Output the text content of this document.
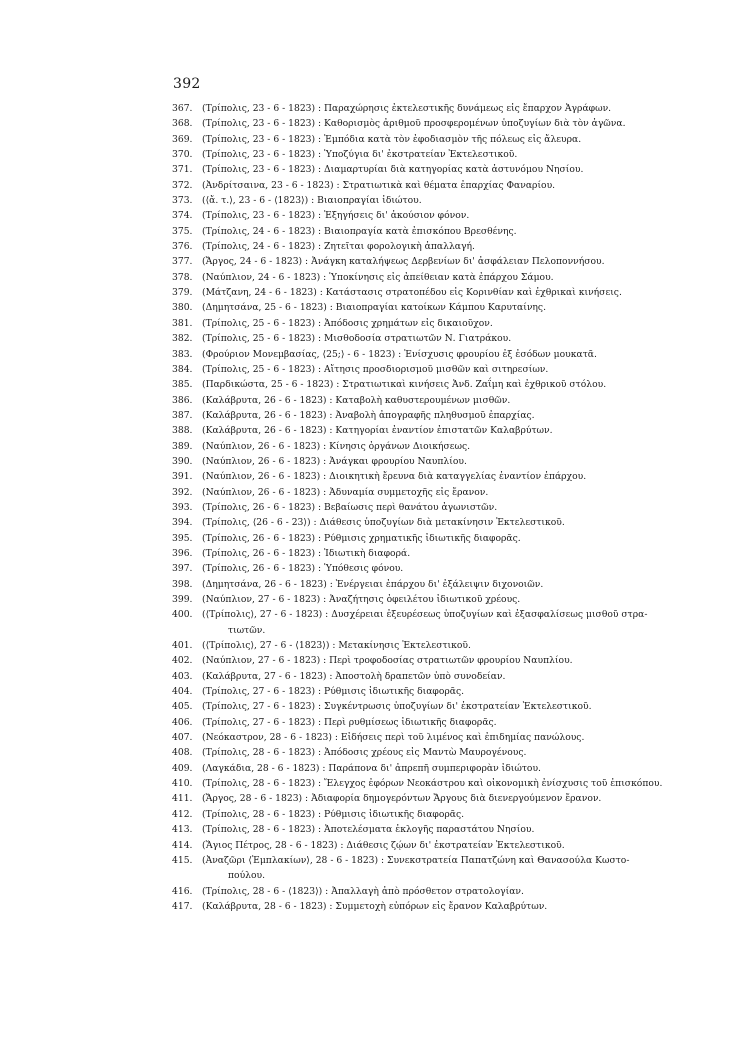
392
367.	(Τρίπολις, 23 - 6 - 1823) : Παραχώρησις ἐκτελεστικῆς δυνάμεως εἰς ἔπαρχον Ἀγράφων.
368.	(Τρίπολις, 23 - 6 - 1823) : Καθορισμὸς ἀριθμοῦ προσφερομένων ὑποζυγίων διὰ τὸν ἀγῶνα.
369.	(Τρίπολις, 23 - 6 - 1823) : Ἐμπόδια κατὰ τὸν ἐφοδιασμὸν τῆς πόλεως εἰς ἄλευρα.
370.	(Τρίπολις, 23 - 6 - 1823) : Ὑποζύγια δι' ἐκστρατείαν Ἐκτελεστικοῦ.
371.	(Τρίπολις, 23 - 6 - 1823) : Διαμαρτυρίαι διὰ κατηγορίας κατὰ ἀστυνόμου Νησίου.
372.	(Ἀνδρίτσαινα, 23 - 6 - 1823) : Στρατιωτικὰ καὶ θέματα ἐπαρχίας Φαναρίου.
373.	(⟨ἄ. τ.⟩, 23 - 6 - ⟨1823⟩) : Βιαιοπραγίαι ἰδιώτου.
374.	(Τρίπολις, 23 - 6 - 1823) : Ἐξηγήσεις δι' ἀκούσιον φόνον.
375.	(Τρίπολις, 24 - 6 - 1823) : Βιαιοπραγία κατὰ ἐπισκόπου Βρεσθένης.
376.	(Τρίπολις, 24 - 6 - 1823) : Ζητεῖται φορολογικὴ ἀπαλλαγή.
377.	(Ἄργος, 24 - 6 - 1823) : Ἀνάγκη καταλήψεως Δερβενίων δι' ἀσφάλειαν Πελοποννήσου.
378.	(Ναύπλιον, 24 - 6 - 1823) : Ὑποκίνησις εἰς ἀπείθειαν κατὰ ἐπάρχου Σάμου.
379.	(Μάτζανη, 24 - 6 - 1823) : Κατάστασις στρατοπέδου εἰς Κορινθίαν καὶ ἐχθρικαὶ κινήσεις.
380.	(Δημητσάνα, 25 - 6 - 1823) : Βιαιοπραγίαι κατοίκων Κάμπου Καρυταίνης.
381.	(Τρίπολις, 25 - 6 - 1823) : Ἀπόδοσις χρημάτων εἰς δικαιοῦχον.
382.	(Τρίπολις, 25 - 6 - 1823) : Μισθοδοσία στρατιωτῶν Ν. Γιατράκου.
383.	(Φρούριον Μονεμβασίας, ⟨25;⟩ - 6 - 1823) : Ἐνίσχυσις φρουρίου ἐξ ἐσόδων μουκατᾶ.
384.	(Τρίπολις, 25 - 6 - 1823) : Αἴτησις προσδιορισμοῦ μισθῶν καὶ σιτηρεσίων.
385.	(Παρδικώστα, 25 - 6 - 1823) : Στρατιωτικαὶ κινήσεις Ἀνδ. Ζαΐμη καὶ ἐχθρικοῦ στόλου.
386.	(Καλάβρυτα, 26 - 6 - 1823) : Καταβολὴ καθυστερουμένων μισθῶν.
387.	(Καλάβρυτα, 26 - 6 - 1823) : Ἀναβολὴ ἀπογραφῆς πληθυσμοῦ ἐπαρχίας.
388.	(Καλάβρυτα, 26 - 6 - 1823) : Κατηγορίαι ἐναντίον ἐπιστατῶν Καλαβρύτων.
389.	(Ναύπλιον, 26 - 6 - 1823) : Κίνησις ὀργάνων Διοικήσεως.
390.	(Ναύπλιον, 26 - 6 - 1823) : Ἀνάγκαι φρουρίου Ναυπλίου.
391.	(Ναύπλιον, 26 - 6 - 1823) : Διοικητικὴ ἔρευνα διὰ καταγγελίας ἐναντίον ἐπάρχου.
392.	(Ναύπλιον, 26 - 6 - 1823) : Ἀδυναμία συμμετοχῆς εἰς ἔρανον.
393.	(Τρίπολις, 26 - 6 - 1823) : Βεβαίωσις περὶ θανάτου ἀγωνιστῶν.
394.	(Τρίπολις, ⟨26 - 6 - 23⟩) : Διάθεσις ὑποζυγίων διὰ μετακίνησιν Ἐκτελεστικοῦ.
395.	(Τρίπολις, 26 - 6 - 1823) : Ρύθμισις χρηματικῆς ἰδιωτικῆς διαφορᾶς.
396.	(Τρίπολις, 26 - 6 - 1823) : Ἰδιωτικὴ διαφορά.
397.	(Τρίπολις, 26 - 6 - 1823) : Ὑπόθεσις φόνου.
398.	(Δημητσάνα, 26 - 6 - 1823) : Ἐνέργειαι ἐπάρχου δι' ἐξάλειψιν διχονοιῶν.
399.	(Ναύπλιον, 27 - 6 - 1823) : Ἀναζήτησις ὀφειλέτου ἰδιωτικοῦ χρέους.
400.	(⟨Τρίπολις⟩, 27 - 6 - 1823) : Δυσχέρειαι ἐξευρέσεως ὑποζυγίων καὶ ἐξασφαλίσεως μισθοῦ στρα-
τιωτῶν.
401.	(⟨Τρίπολις⟩, 27 - 6 - ⟨1823⟩) : Μετακίνησις Ἐκτελεστικοῦ.
402.	(Ναύπλιον, 27 - 6 - 1823) : Περὶ τροφοδοσίας στρατιωτῶν φρουρίου Ναυπλίου.
403.	(Καλάβρυτα, 27 - 6 - 1823) : Ἀποστολὴ δραπετῶν ὑπὸ συνοδείαν.
404.	(Τρίπολις, 27 - 6 - 1823) : Ρύθμισις ἰδιωτικῆς διαφορᾶς.
405.	(Τρίπολις, 27 - 6 - 1823) : Συγκέντρωσις ὑποζυγίων δι' ἐκστρατείαν Ἐκτελεστικοῦ.
406.	(Τρίπολις, 27 - 6 - 1823) : Περὶ ρυθμίσεως ἰδιωτικῆς διαφορᾶς.
407.	(Νεόκαστρον, 28 - 6 - 1823) : Εἰδήσεις περὶ τοῦ λιμένος καὶ ἐπιδημίας πανώλους.
408.	(Τρίπολις, 28 - 6 - 1823) : Ἀπόδοσις χρέους εἰς Μαντὼ Μαυρογένους.
409.	(Λαγκάδια, 28 - 6 - 1823) : Παράπονα δι' ἀπρεπῆ συμπεριφορὰν ἰδιώτου.
410.	(Τρίπολις, 28 - 6 - 1823) : Ἔλεγχος ἐφόρων Νεοκάστρου καὶ οἰκονομικὴ ἐνίσχυσις τοῦ ἐπισκόπου.
411.	(Ἄργος, 28 - 6 - 1823) : Ἀδιαφορία δημογερόντων Ἄργους διὰ διενεργούμενον ἔρανον.
412.	(Τρίπολις, 28 - 6 - 1823) : Ρύθμισις ἰδιωτικῆς διαφορᾶς.
413.	(Τρίπολις, 28 - 6 - 1823) : Ἀποτελέσματα ἐκλογῆς παραστάτου Νησίου.
414.	(Ἅγιος Πέτρος, 28 - 6 - 1823) : Διάθεσις ζῴων δι' ἐκστρατείαν Ἐκτελεστικοῦ.
415.	(Ἀναζῶρι ⟨Ἐμπλακίων⟩, 28 - 6 - 1823) : Συνεκστρατεία Παπατζώνη καὶ Θανασούλα Κωστο-
πούλου.
416.	(Τρίπολις, 28 - 6 - ⟨1823⟩) : Ἀπαλλαγὴ ἀπὸ πρόσθετον στρατολογίαν.
417.	(Καλάβρυτα, 28 - 6 - 1823) : Συμμετοχὴ εὐπόρων εἰς ἔρανον Καλαβρύτων.
